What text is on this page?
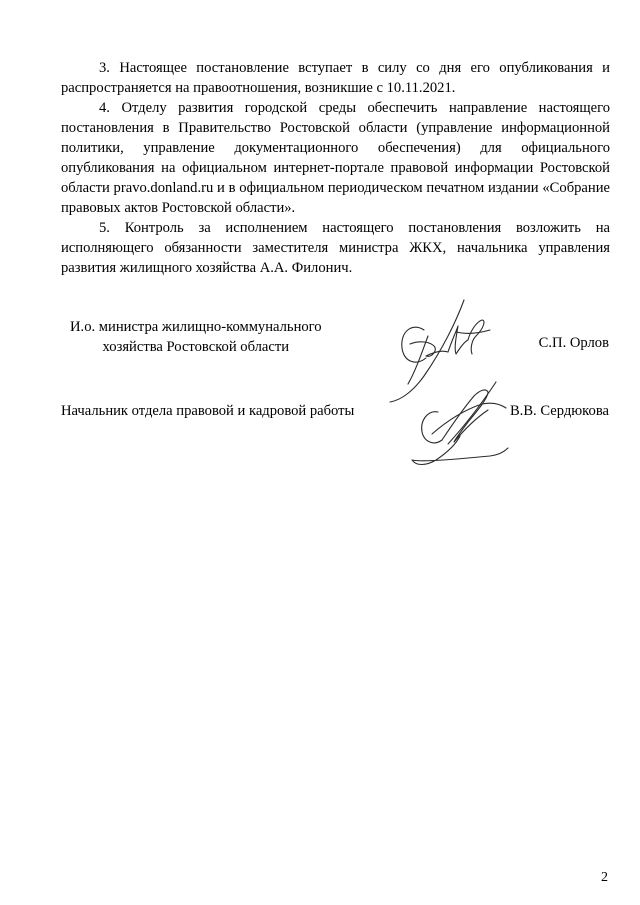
3. Настоящее постановление вступает в силу со дня его опубликования и распространяется на правоотношения, возникшие с 10.11.2021.

4. Отделу развития городской среды обеспечить направление настоящего постановления в Правительство Ростовской области (управление информационной политики, управление документационного обеспечения) для официального опубликования на официальном интернет-портале правовой информации Ростовской области pravo.donland.ru и в официальном периодическом печатном издании «Собрание правовых актов Ростовской области».

5. Контроль за исполнением настоящего постановления возложить на исполняющего обязанности заместителя министра ЖКХ, начальника управления развития жилищного хозяйства А.А. Филонич.

И.о. министра жилищно-коммунального
хозяйства Ростовской области	С.П. Орлов
Начальник отдела правовой и кадровой работы	В.В. Сердюкова
2
